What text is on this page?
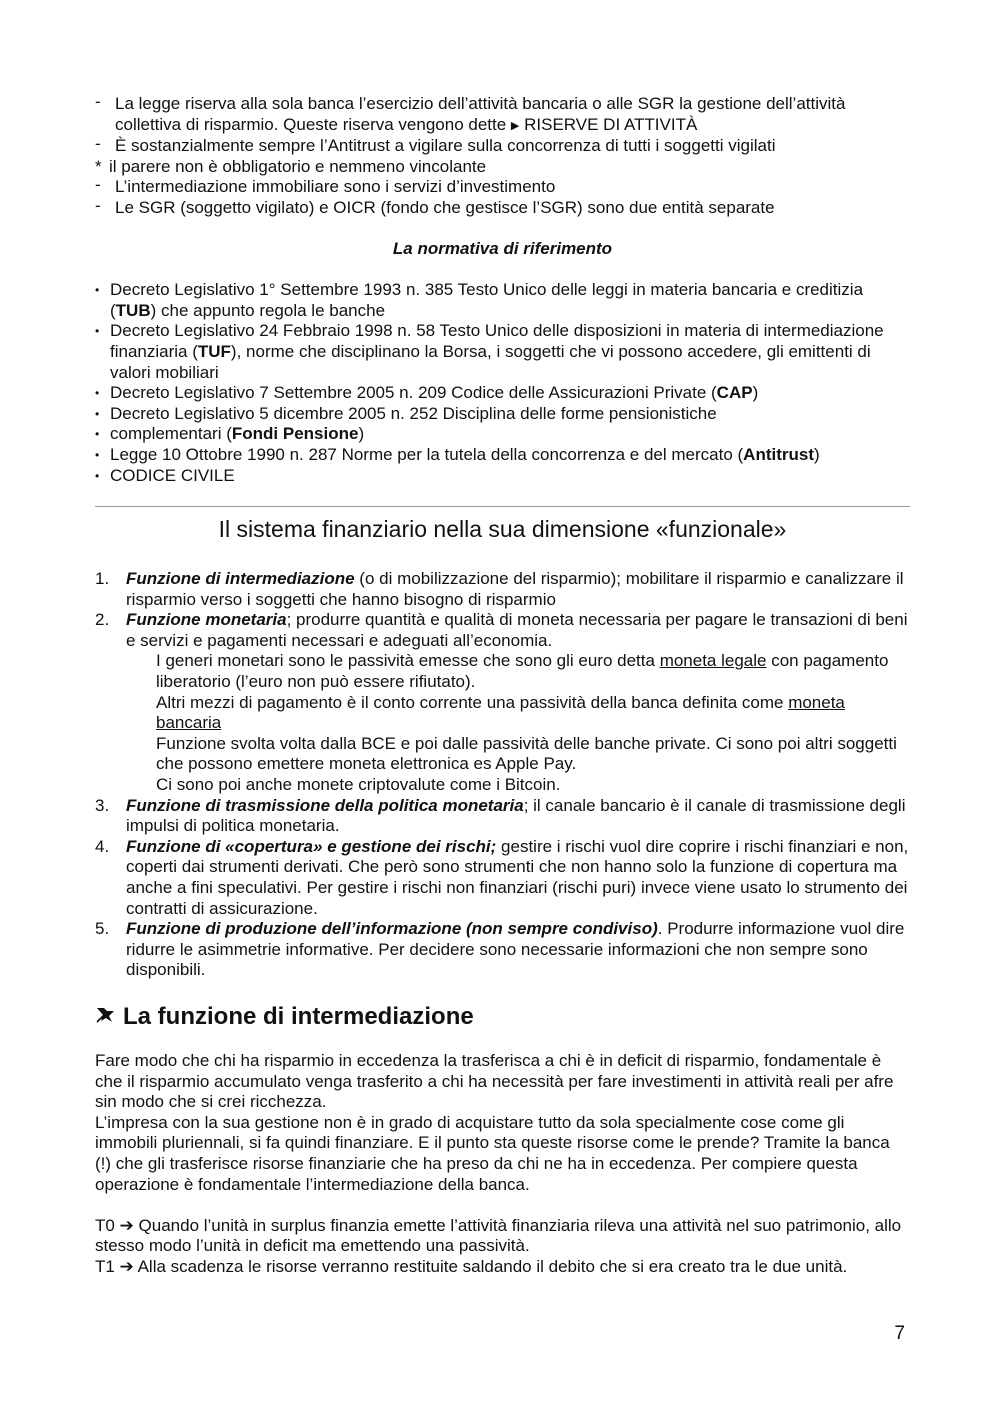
- La legge riserva alla sola banca l’esercizio dell’attività bancaria o alle SGR la gestione dell’attività collettiva di risparmio. Queste riserva vengono dette ▶ RISERVE DI ATTIVITÀ
- È sostanzialmente sempre l’Antitrust a vigilare sulla concorrenza di tutti i soggetti vigilati
* il parere non è obbligatorio e nemmeno vincolante
- L’intermediazione immobiliare sono i servizi d’investimento
- Le SGR (soggetto vigilato) e OICR (fondo che gestisce l’SGR) sono due entità separate
La normativa di riferimento
• Decreto Legislativo 1° Settembre 1993 n. 385 Testo Unico delle leggi in materia bancaria e creditizia (TUB) che appunto regola le banche
• Decreto Legislativo 24 Febbraio 1998 n. 58 Testo Unico delle disposizioni in materia di intermediazione finanziaria (TUF), norme che disciplinano la Borsa, i soggetti che vi possono accedere, gli emittenti di valori mobiliari
• Decreto Legislativo 7 Settembre 2005 n. 209 Codice delle Assicurazioni Private (CAP)
• Decreto Legislativo 5 dicembre 2005 n. 252 Disciplina delle forme pensionistiche
• complementari (Fondi Pensione)
• Legge 10 Ottobre 1990 n. 287 Norme per la tutela della concorrenza e del mercato (Antitrust)
• CODICE CIVILE
Il sistema finanziario nella sua dimensione «funzionale»
1. Funzione di intermediazione (o di mobilizzazione del risparmio); mobilitare il risparmio e canalizzare il risparmio verso i soggetti che hanno bisogno di risparmio
2. Funzione monetaria; produrre quantità e qualità di moneta necessaria per pagare le transazioni di beni e servizi e pagamenti necessari e adeguati all’economia.
I generi monetari sono le passività emesse che sono gli euro detta moneta legale con pagamento liberatorio (l’euro non può essere rifiutato).
Altri mezzi di pagamento è il conto corrente una passività della banca definita come moneta bancaria
Funzione svolta volta dalla BCE e poi dalle passività delle banche private. Ci sono poi altri soggetti che possono emettere moneta elettronica es Apple Pay.
Ci sono poi anche monete criptovalute come i Bitcoin.
3. Funzione di trasmissione della politica monetaria; il canale bancario è il canale di trasmissione degli impulsi di politica monetaria.
4. Funzione di «copertura» e gestione dei rischi; gestire i rischi vuol dire coprire i rischi finanziari e non, coperti dai strumenti derivati. Che però sono strumenti che non hanno solo la funzione di copertura ma anche a fini speculativi. Per gestire i rischi non finanziari (rischi puri) invece viene usato lo strumento dei contratti di assicurazione.
5. Funzione di produzione dell’informazione (non sempre condiviso). Produrre informazione vuol dire ridurre le asimmetrie informative. Per decidere sono necessarie informazioni che non sempre sono disponibili.
La funzione di intermediazione

Fare modo che chi ha risparmio in eccedenza la trasferisca a chi è in deficit di risparmio, fondamentale è che il risparmio accumulato venga trasferito a chi ha necessità per fare investimenti in attività reali per afre sin modo che si crei ricchezza.

L’impresa con la sua gestione non è in grado di acquistare tutto da sola specialmente cose come gli immobili pluriennali, si fa quindi finanziare. E il punto sta queste risorse come le prende? Tramite la banca (!) che gli trasferisce risorse finanziarie che ha preso da chi ne ha in eccedenza. Per compiere questa operazione è fondamentale l’intermediazione della banca.

T0 ➔ Quando l’unità in surplus finanzia emette l’attività finanziaria rileva una attività nel suo patrimonio, allo stesso modo l’unità in deficit ma emettendo una passività.

T1 ➔ Alla scadenza le risorse verranno restituite saldando il debito che si era creato tra le due unità.

7
